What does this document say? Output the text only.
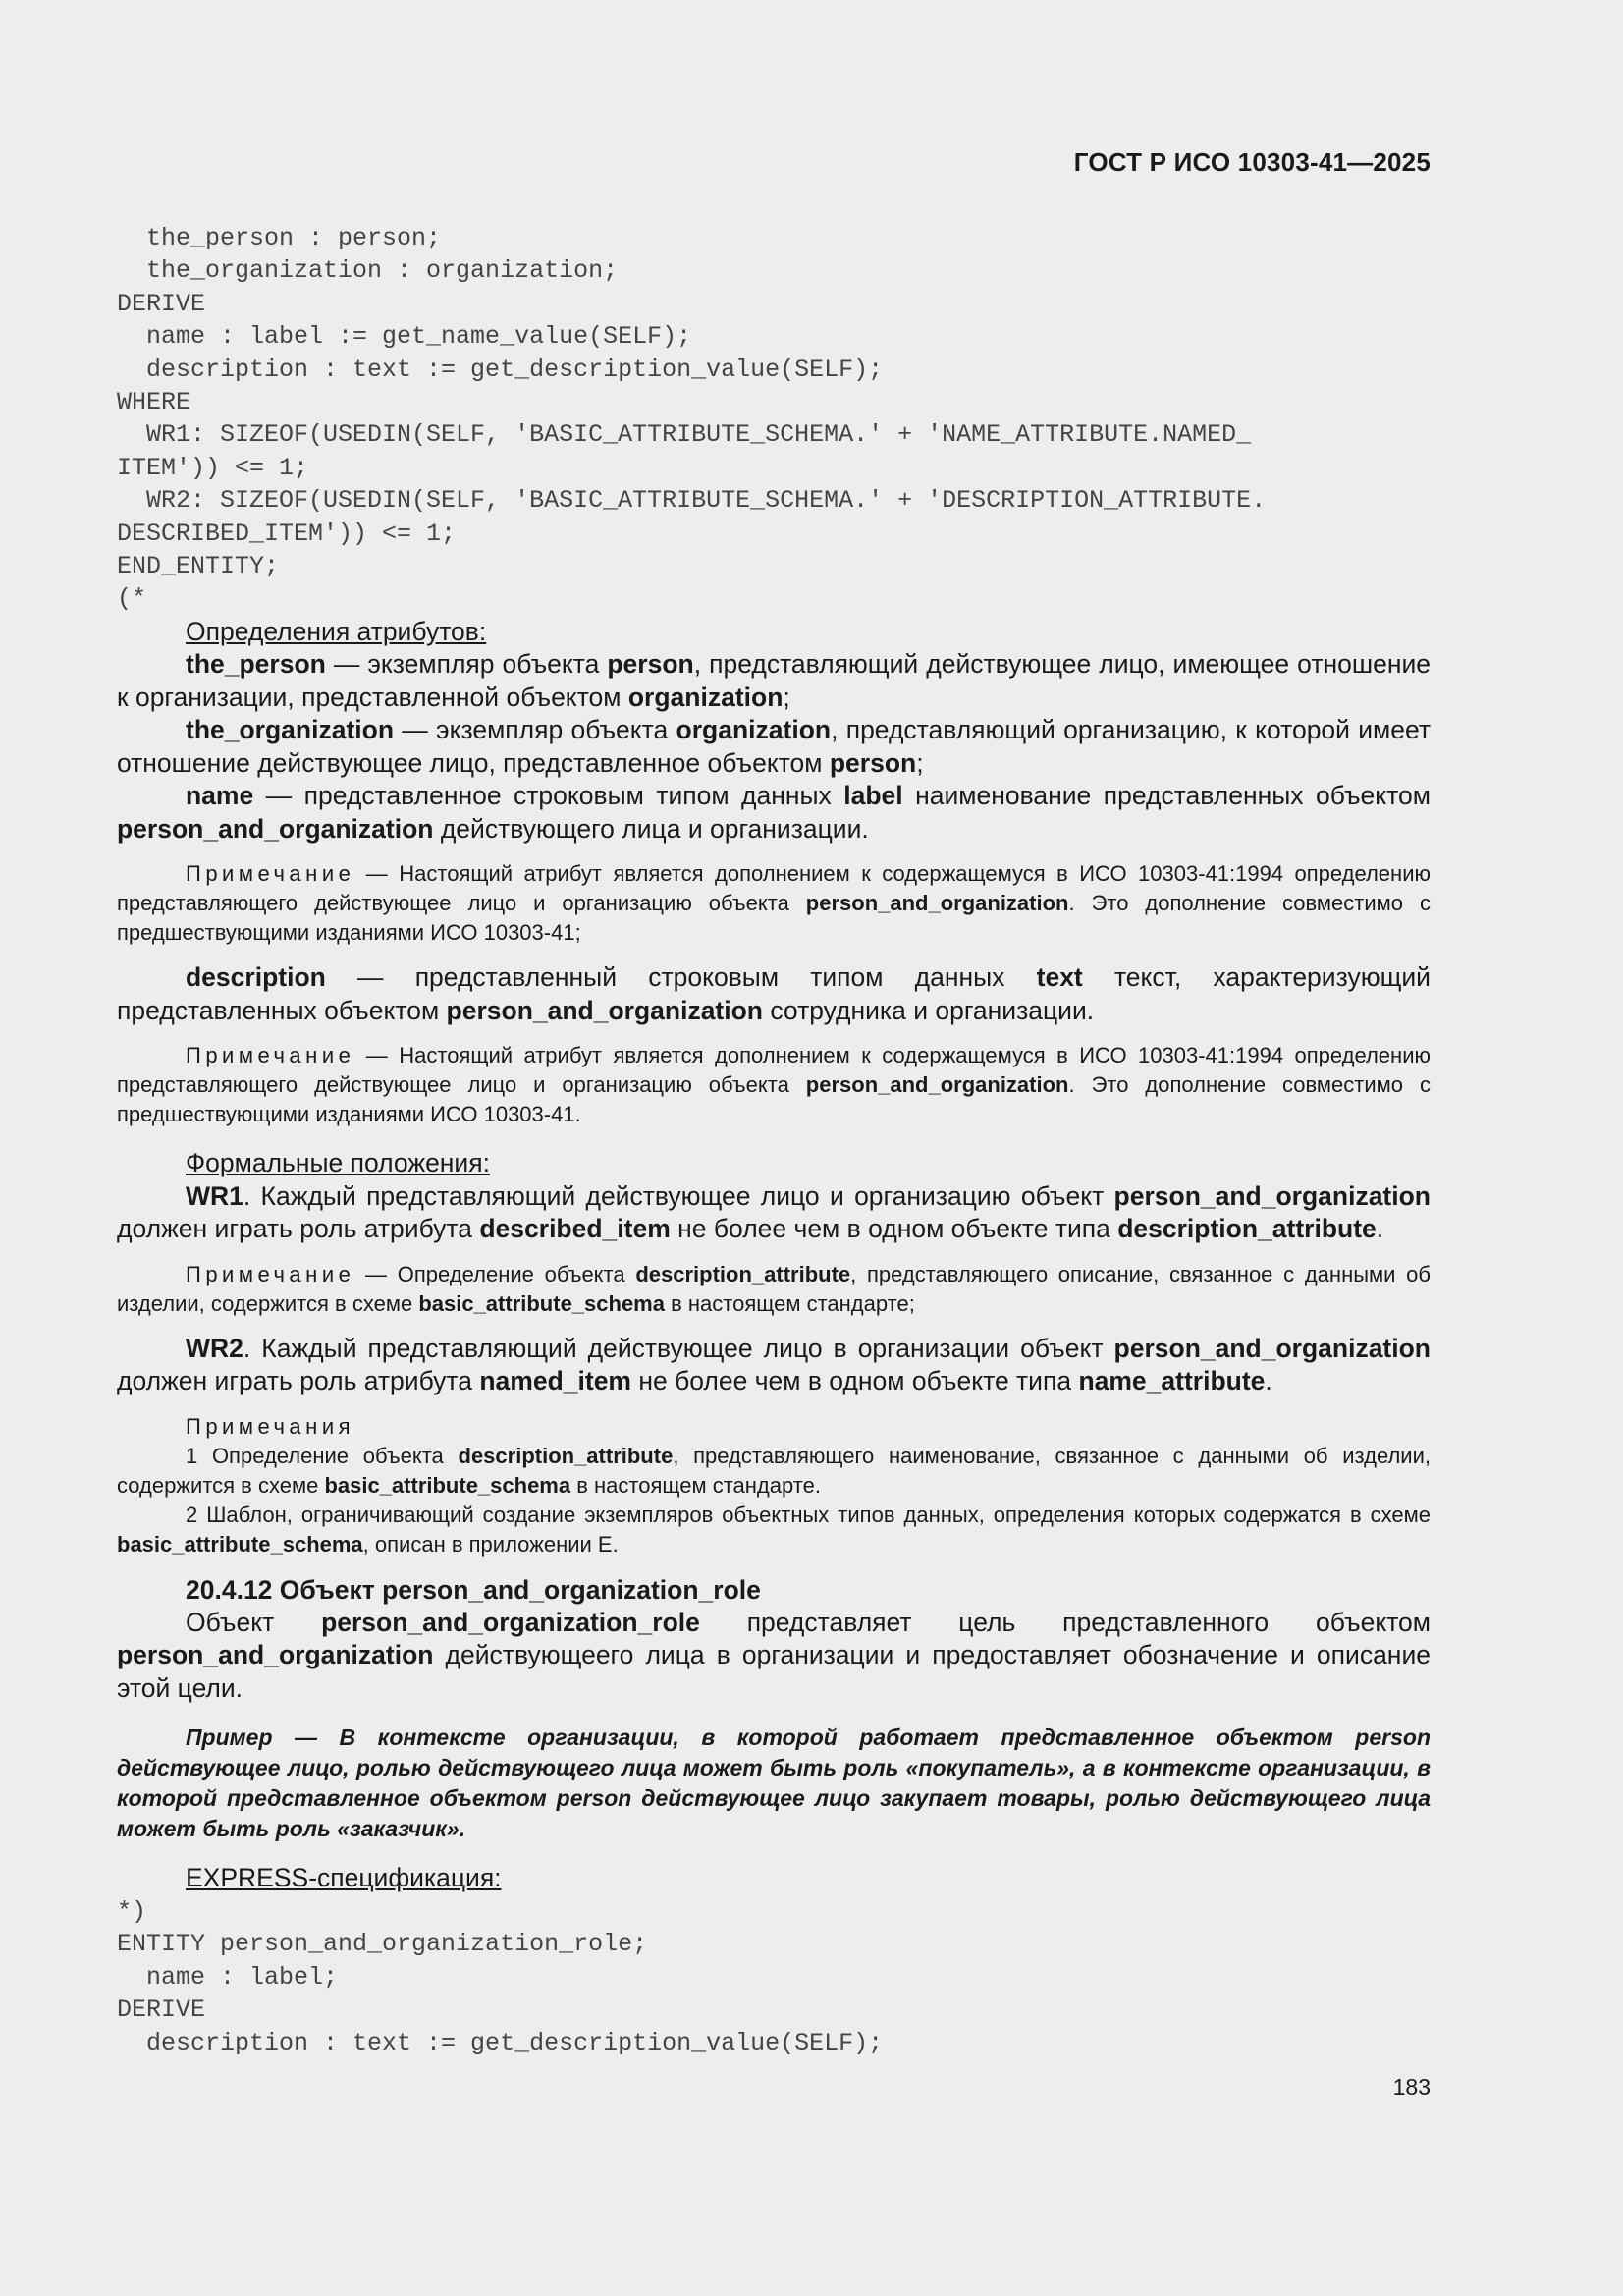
ГОСТ Р ИСО 10303-41—2025
the_person : person;
the_organization : organization;
DERIVE
name : label := get_name_value(SELF);
description : text := get_description_value(SELF);
WHERE
WR1: SIZEOF(USEDIN(SELF, 'BASIC_ATTRIBUTE_SCHEMA.' + 'NAME_ATTRIBUTE.NAMED_
ITEM')) <= 1;
WR2: SIZEOF(USEDIN(SELF, 'BASIC_ATTRIBUTE_SCHEMA.' + 'DESCRIPTION_ATTRIBUTE.
DESCRIBED_ITEM')) <= 1;
END_ENTITY;
(*

Определения атрибутов:

the_person — экземпляр объекта person, представляющий действующее лицо, имеющее отношение к организации, представленной объектом organization;

the_organization — экземпляр объекта organization, представляющий организацию, к которой имеет отношение действующее лицо, представленное объектом person;

name — представленное строковым типом данных label наименование представленных объектом person_and_organization действующего лица и организации.

Примечание — Настоящий атрибут является дополнением к содержащемуся в ИСО 10303-41:1994 определению представляющего действующее лицо и организацию объекта person_and_organization. Это дополнение совместимо с предшествующими изданиями ИСО 10303-41;

description — представленный строковым типом данных text текст, характеризующий представленных объектом person_and_organization сотрудника и организации.

Примечание — Настоящий атрибут является дополнением к содержащемуся в ИСО 10303-41:1994 определению представляющего действующее лицо и организацию объекта person_and_organization. Это дополнение совместимо с предшествующими изданиями ИСО 10303-41.

Формальные положения:

WR1. Каждый представляющий действующее лицо и организацию объект person_and_organization должен играть роль атрибута described_item не более чем в одном объекте типа description_attribute.

Примечание — Определение объекта description_attribute, представляющего описание, связанное с данными об изделии, содержится в схеме basic_attribute_schema в настоящем стандарте;

WR2. Каждый представляющий действующее лицо в организации объект person_and_organization должен играть роль атрибута named_item не более чем в одном объекте типа name_attribute.

Примечания

1 Определение объекта description_attribute, представляющего наименование, связанное с данными об изделии, содержится в схеме basic_attribute_schema в настоящем стандарте.

2 Шаблон, ограничивающий создание экземпляров объектных типов данных, определения которых содержатся в схеме basic_attribute_schema, описан в приложении Е.

20.4.12 Объект person_and_organization_role

Объект person_and_organization_role представляет цель представленного объектом person_and_organization действующеего лица в организации и предоставляет обозначение и описание этой цели.

Пример — В контексте организации, в которой работает представленное объектом person действующее лицо, ролью действующего лица может быть роль «покупатель», а в контексте организации, в которой представленное объектом person действующее лицо закупает товары, ролью действующего лица может быть роль «заказчик».

EXPRESS-спецификация:

*)
ENTITY person_and_organization_role;
name : label;
DERIVE
description : text := get_description_value(SELF);
183
